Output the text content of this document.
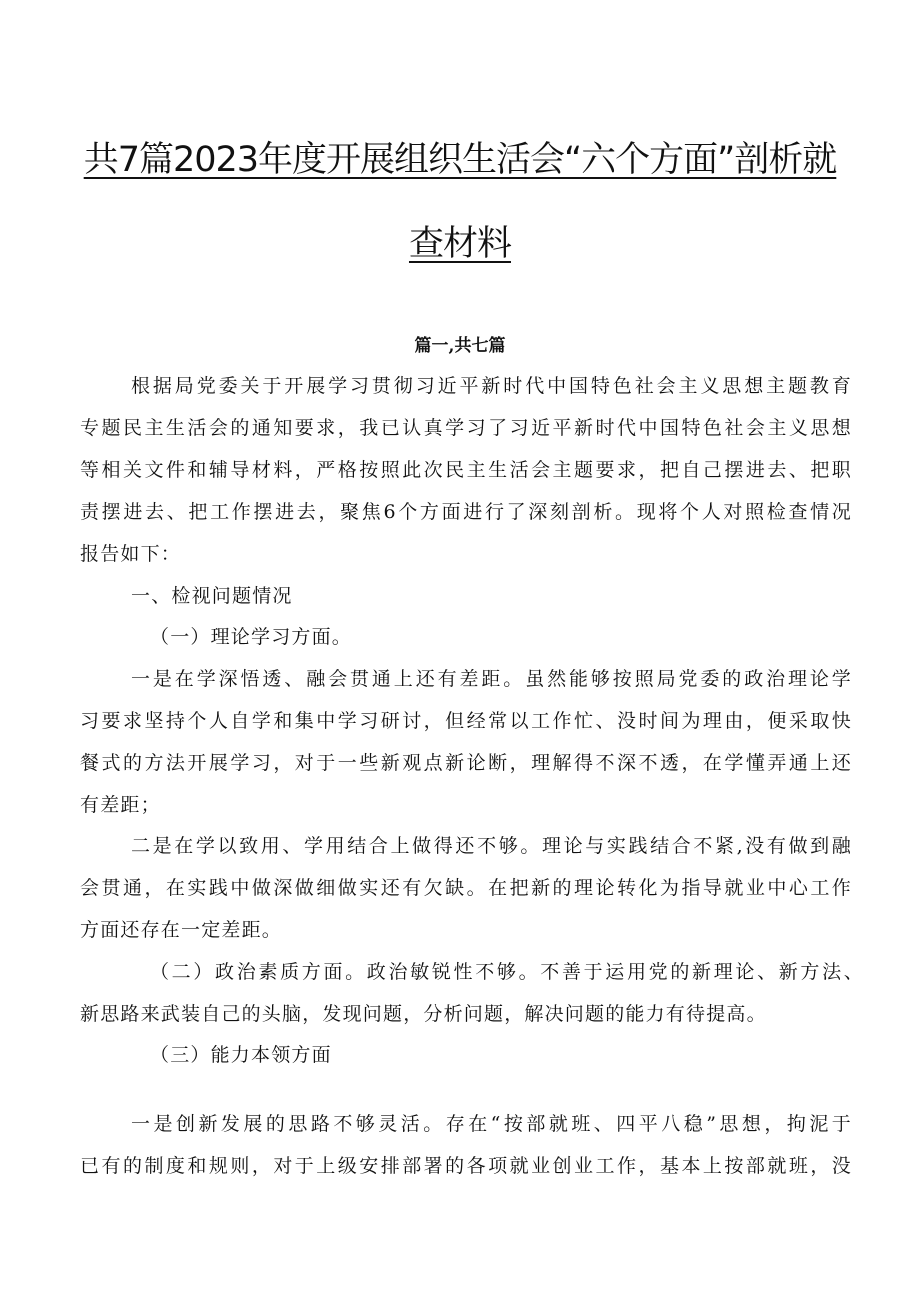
共7篇2023年度开展组织生活会“六个方面”剖析就
查材料
篇一,共七篇
根据局党委关于开展学习贯彻习近平新时代中国特色社会主义思想主题教育
专题民主生活会的通知要求，我已认真学习了习近平新时代中国特色社会主义思想
等相关文件和辅导材料，严格按照此次民主生活会主题要求，把自己摆进去、把职
责摆进去、把工作摆进去，聚焦6个方面进行了深刻剖析。现将个人对照检查情况
报告如下：
一、检视问题情况
（一）理论学习方面。
一是在学深悟透、融会贯通上还有差距。虽然能够按照局党委的政治理论学
习要求坚持个人自学和集中学习研讨，但经常以工作忙、没时间为理由，便采取快
餐式的方法开展学习，对于一些新观点新论断，理解得不深不透，在学懂弄通上还
有差距；
二是在学以致用、学用结合上做得还不够。理论与实践结合不紧,没有做到融
会贯通，在实践中做深做细做实还有欠缺。在把新的理论转化为指导就业中心工作
方面还存在一定差距。
（二）政治素质方面。政治敏锐性不够。不善于运用党的新理论、新方法、
新思路来武装自己的头脑，发现问题，分析问题，解决问题的能力有待提高。
（三）能力本领方面
一是创新发展的思路不够灵活。存在“按部就班、四平八稳”思想，拘泥于
已有的制度和规则，对于上级安排部署的各项就业创业工作，基本上按部就班，没
